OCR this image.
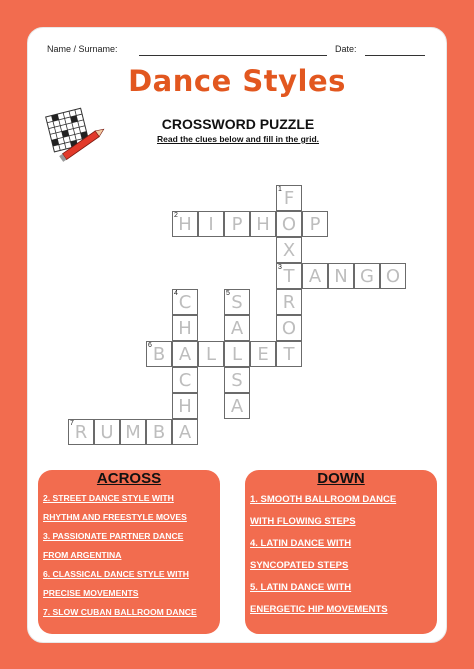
Name / Surname:	Date:
Dance Styles
CROSSWORD PUZZLE
Read the clues below and fill in the grid.
H I P H O P
F
X
T
R
O
T
A N G O
C
H
A
C
H
A
S
A
L
S
A
B	L	E
R U M B
1
2
3
4	5
6
7
ACROSS
2. STREET DANCE STYLE WITH
RHYTHM AND FREESTYLE MOVES
3. PASSIONATE PARTNER DANCE
FROM ARGENTINA
6. CLASSICAL DANCE STYLE WITH
PRECISE MOVEMENTS
7. SLOW CUBAN BALLROOM DANCE
DOWN
1. SMOOTH BALLROOM DANCE
WITH FLOWING STEPS
4. LATIN DANCE WITH
SYNCOPATED STEPS
5. LATIN DANCE WITH
ENERGETIC HIP MOVEMENTS
